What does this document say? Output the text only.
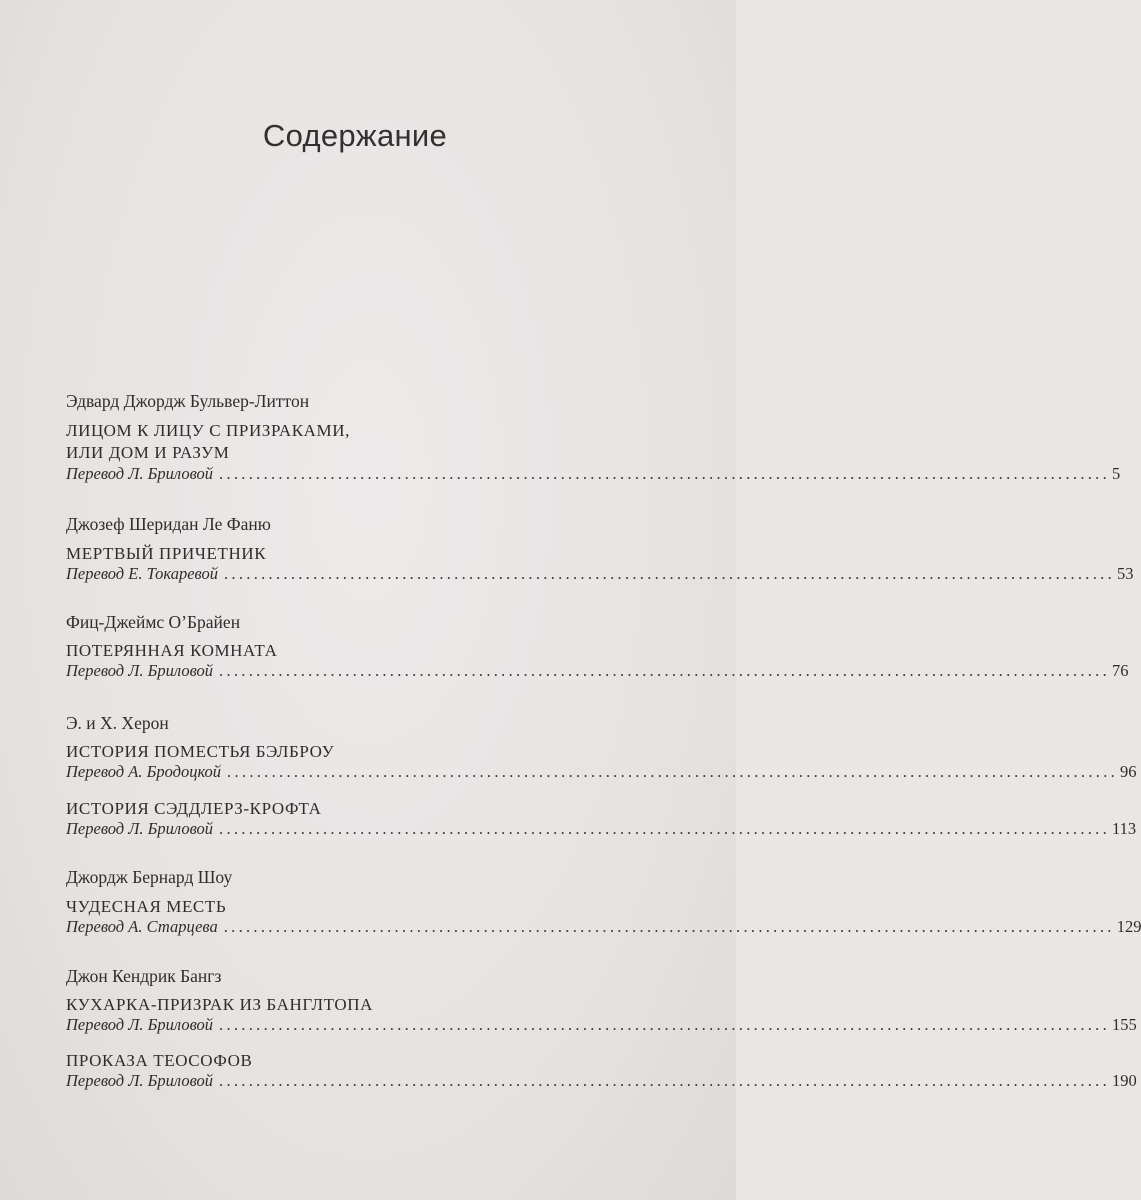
Содержание
Эдвард Джордж Бульвер-Литтон
ЛИЦОМ К ЛИЦУ С ПРИЗРАКАМИ,
ИЛИ ДОМ И РАЗУМ
Перевод Л. Бриловой ........................................................................................................................ 5
Джозеф Шеридан Ле Фаню
МЕРТВЫЙ ПРИЧЕТНИК
Перевод Е. Токаревой ........................................................................................................................ 53
Фиц-Джеймс О’Брайен
ПОТЕРЯННАЯ КОМНАТА
Перевод Л. Бриловой ........................................................................................................................ 76
Э. и Х. Херон
ИСТОРИЯ ПОМЕСТЬЯ БЭЛБРОУ
Перевод А. Бродоцкой ........................................................................................................................ 96
ИСТОРИЯ СЭДДЛЕРЗ-КРОФТА
Перевод Л. Бриловой ........................................................................................................................ 113
Джордж Бернард Шоу
ЧУДЕСНАЯ МЕСТЬ
Перевод А. Старцева ........................................................................................................................ 129
Джон Кендрик Бангз
КУХАРКА-ПРИЗРАК ИЗ БАНГЛТОПА
Перевод Л. Бриловой ........................................................................................................................ 155
ПРОКАЗА ТЕОСОФОВ
Перевод Л. Бриловой ........................................................................................................................ 190
